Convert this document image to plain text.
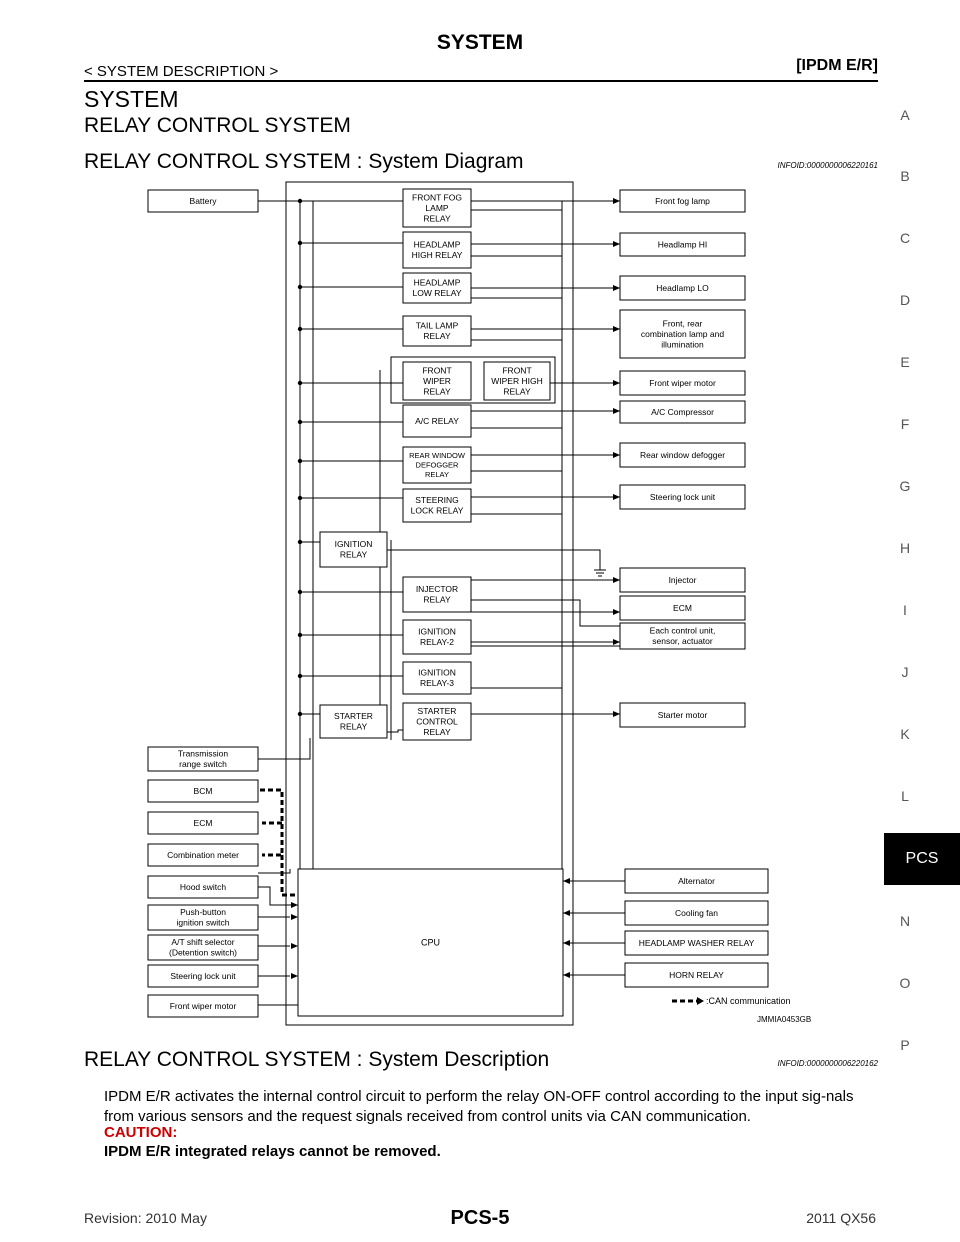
SYSTEM
< SYSTEM DESCRIPTION >	[IPDM E/R]
SYSTEM
RELAY CONTROL SYSTEM
RELAY CONTROL SYSTEM : System Diagram	INFOID:0000000006220161
A
B
C
D
E
F
G
H
I
J
K
L
N
O
P
PCS
FRONT FOG
LAMP
RELAY
HEADLAMP
HIGH RELAY
HEADLAMP
LOW RELAY
TAIL LAMP
RELAY
FRONT
WIPER
RELAY
FRONT
WIPER HIGH
RELAY
A/C RELAY
REAR WINDOW
DEFOGGER
RELAY
STEERING
LOCK RELAY
IGNITION
RELAY
INJECTOR
RELAY
IGNITION
RELAY-2
IGNITION
RELAY-3
STARTER
RELAY
STARTER
CONTROL
RELAY
CPU
Battery
Transmission
range switch
BCM
ECM
Combination meter
Hood switch
Push-button
ignition switch
A/T shift selector
(Detention switch)
Steering lock unit
Front wiper motor
Front fog lamp
Headlamp HI
Headlamp LO
Front, rear
combination lamp and
illumination
Front wiper motor
A/C Compressor
Rear window defogger
Steering lock unit
Injector
ECM
Each control unit,
sensor, actuator
Starter motor
Alternator
Cooling fan
HEADLAMP WASHER RELAY
HORN RELAY
:CAN communication
JMMIA0453GB
RELAY CONTROL SYSTEM : System Description	INFOID:0000000006220162
IPDM E/R activates the internal control circuit to perform the relay ON-OFF control according to the input sig-nals from various sensors and the request signals received from control units via CAN communication.
CAUTION:
IPDM E/R integrated relays cannot be removed.
Revision: 2010 May	PCS-5	2011 QX56
